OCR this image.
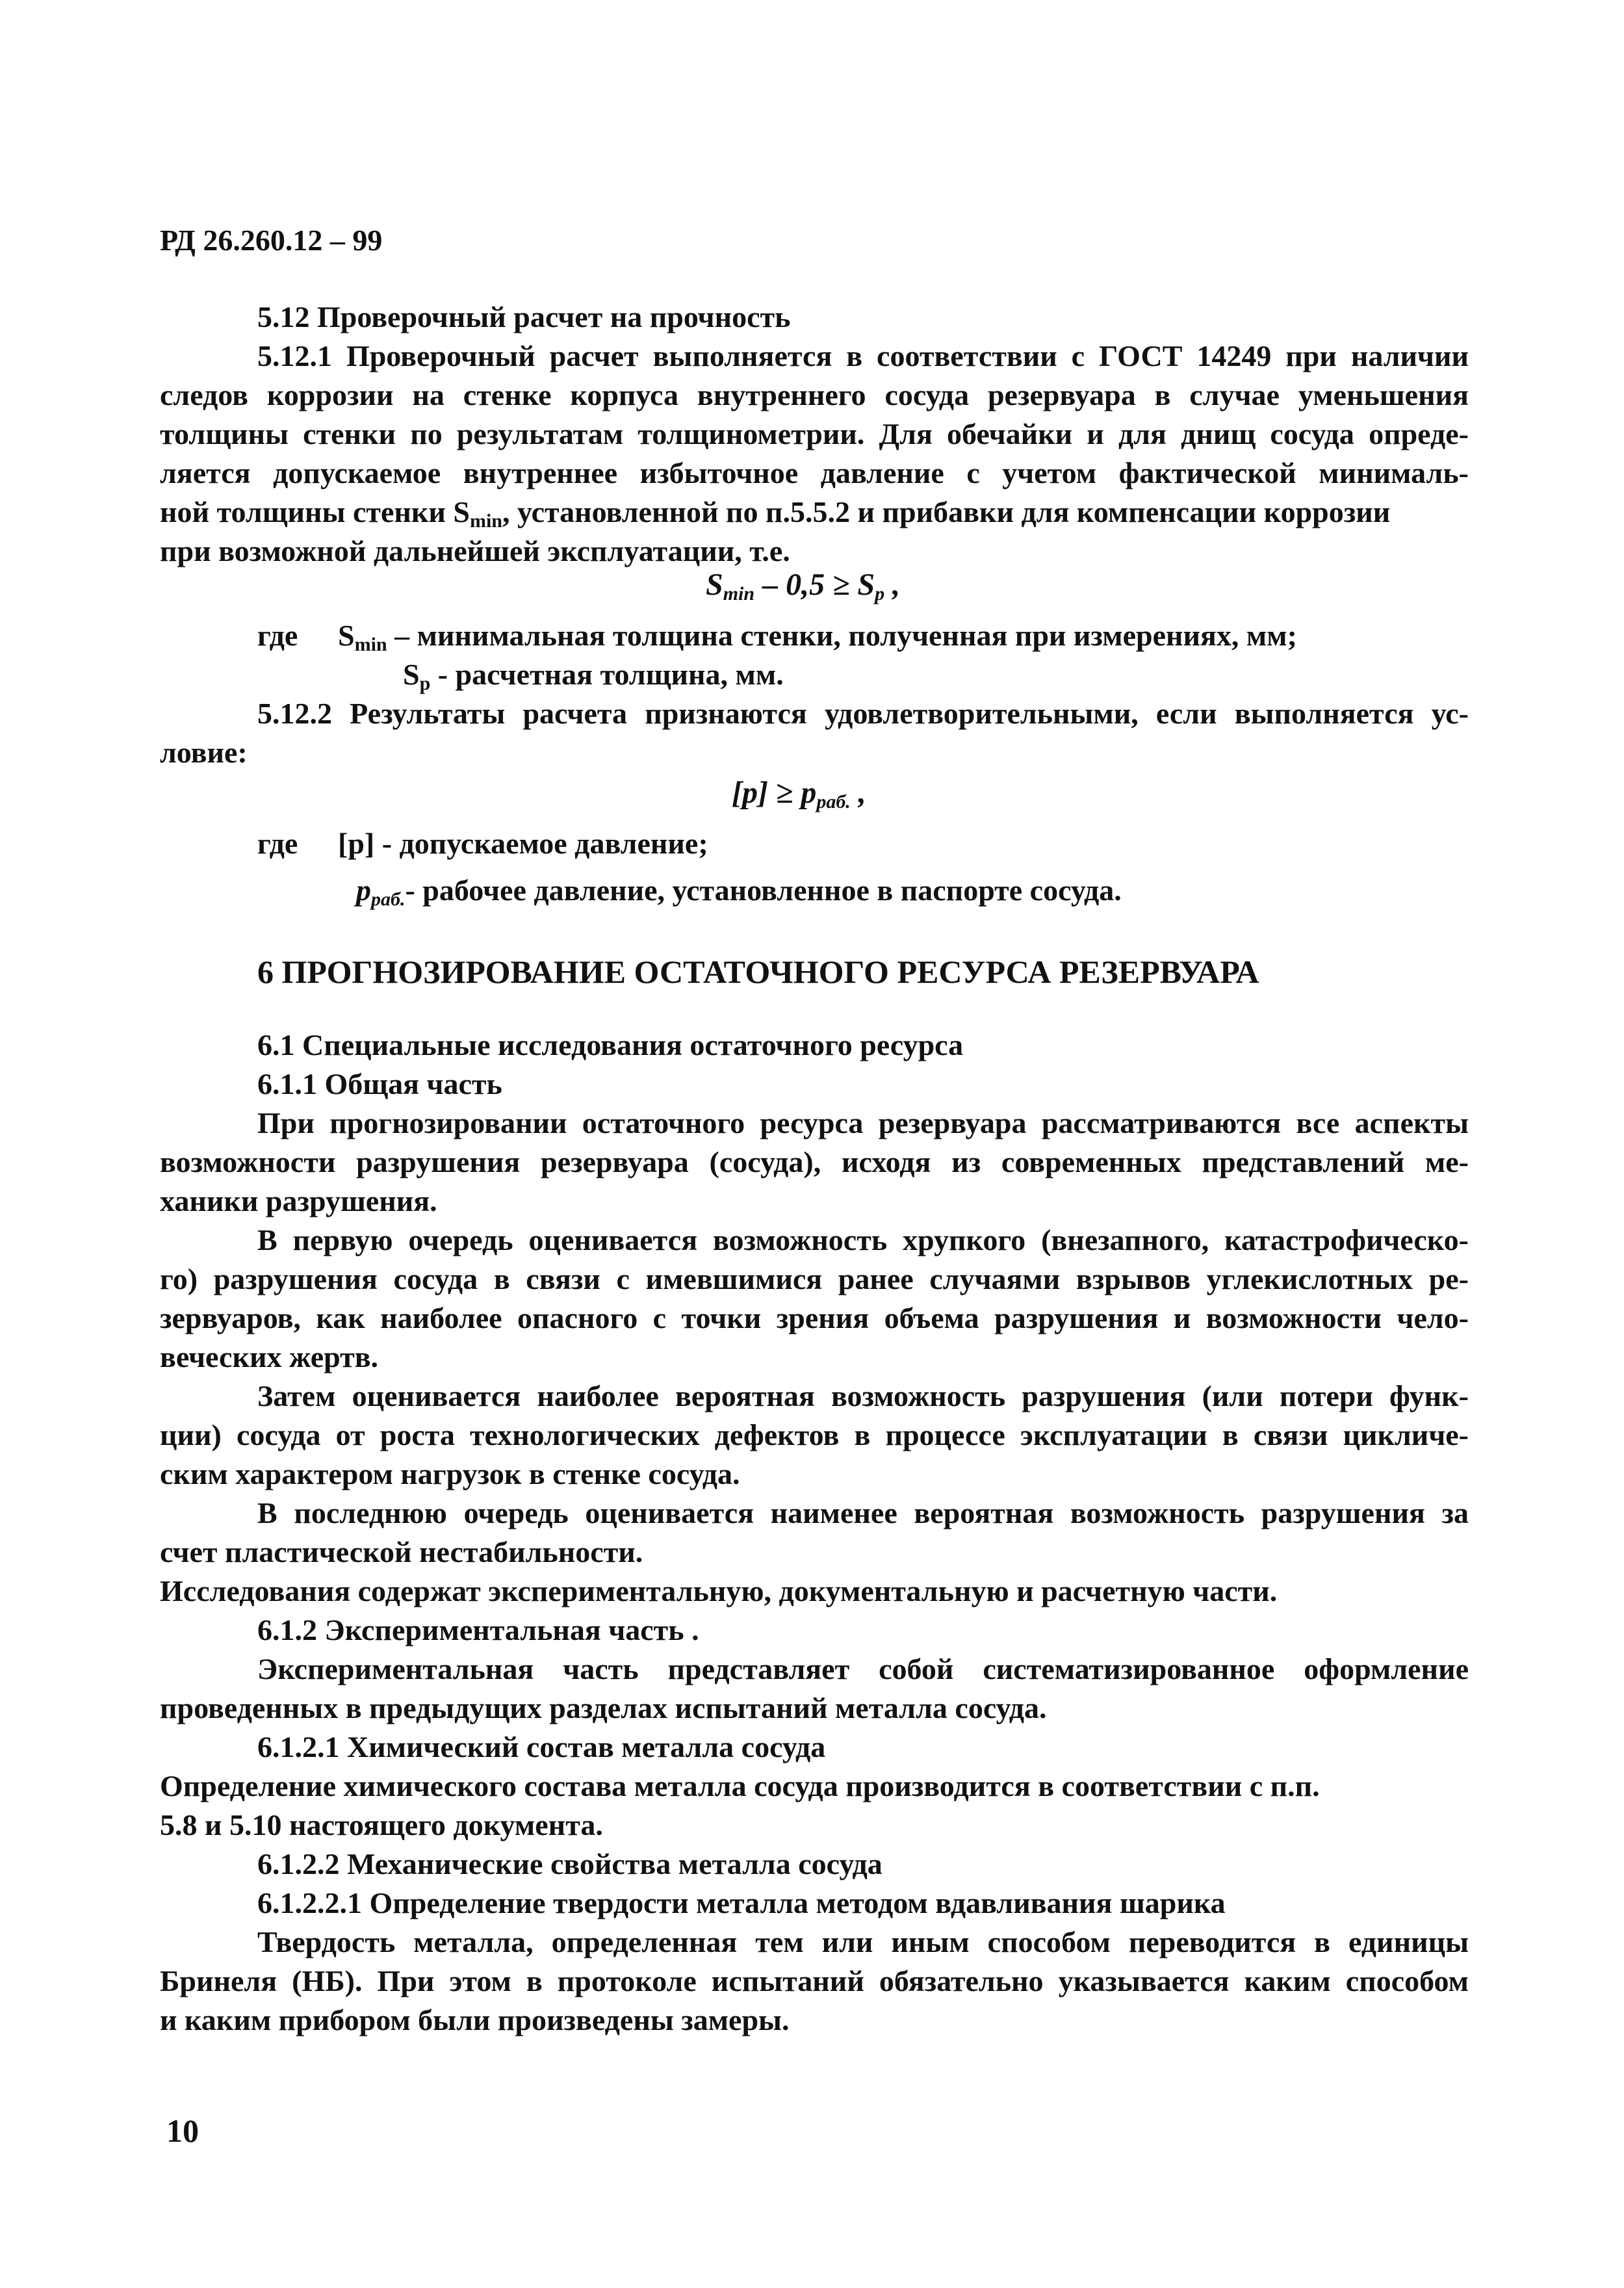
РД 26.260.12 – 99
5.12 Проверочный расчет на прочность
5.12.1 Проверочный расчет выполняется в соответствии с ГОСТ 14249 при наличии
следов коррозии на стенке корпуса внутреннего сосуда резервуара в случае уменьшения
толщины стенки по результатам толщинометрии. Для обечайки и для днищ сосуда опреде-
ляется допускаемое внутреннее избыточное давление с учетом фактической минималь-
ной толщины стенки $S_{min}$, установленной по п.5.5.2 и прибавки для компенсации коррозии
при возможной дальнейшей эксплуатации, т.е.
$S_{min} - 0,5 \ge S_p$ ,
где $S_{min}$ – минимальная толщина стенки, полученная при измерениях, мм;
$S_p$ - расчетная толщина, мм.
5.12.2 Результаты расчета признаются удовлетворительными, если выполняется ус-
ловие:
$[p] \ge p_{раб.}$ ,
где [p] - допускаемое давление;
$p_{раб.}-$ рабочее давление, установленное в паспорте сосуда.
6 ПРОГНОЗИРОВАНИЕ ОСТАТОЧНОГО РЕСУРСА РЕЗЕРВУАРА
6.1 Специальные исследования остаточного ресурса
6.1.1 Общая часть
При прогнозировании остаточного ресурса резервуара рассматриваются все аспекты
возможности разрушения резервуара (сосуда), исходя из современных представлений ме-
ханики разрушения.
В первую очередь оценивается возможность хрупкого (внезапного, катастрофическо-
го) разрушения сосуда в связи с имевшимися ранее случаями взрывов углекислотных ре-
зервуаров, как наиболее опасного с точки зрения объема разрушения и возможности чело-
веческих жертв.
Затем оценивается наиболее вероятная возможность разрушения (или потери функ-
ции) сосуда от роста технологических дефектов в процессе эксплуатации в связи цикличе-
ским характером нагрузок в стенке сосуда.
В последнюю очередь оценивается наименее вероятная возможность разрушения за
счет пластической нестабильности.
Исследования содержат экспериментальную, документальную и расчетную части.
6.1.2 Экспериментальная часть .
Экспериментальная часть представляет собой систематизированное оформление
проведенных в предыдущих разделах испытаний металла сосуда.
6.1.2.1 Химический состав металла сосуда
Определение химического состава металла сосуда производится в соответствии с п.п.
5.8 и 5.10 настоящего документа.
6.1.2.2 Механические свойства металла сосуда
6.1.2.2.1 Определение твердости металла методом вдавливания шарика
Твердость металла, определенная тем или иным способом переводится в единицы
Бринеля (НБ). При этом в протоколе испытаний обязательно указывается каким способом
и каким прибором были произведены замеры.
10
